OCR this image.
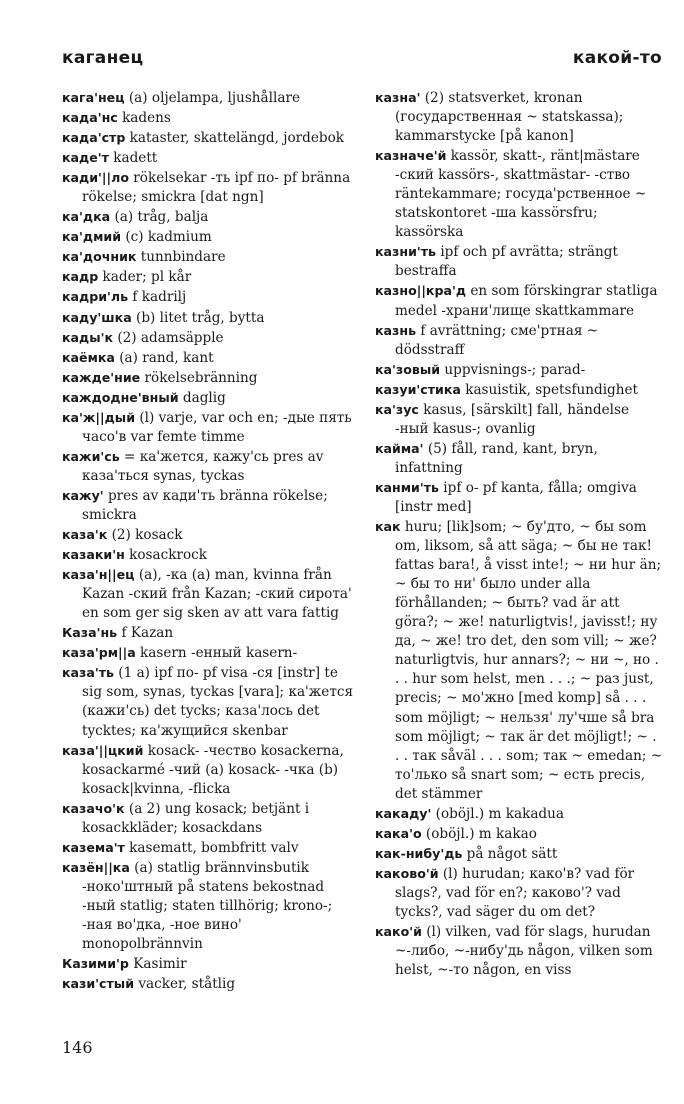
каганец	какой-то

кага'нец (а) oljelampa, ljushållare

када'нс kadens

када'стр kataster, skattelängd, jordebok

каде'т kadett

кади'||ло rökelsekar -ть ipf по- pf bränna rökelse; smickra [dat ngn]

ка'дка (а) tråg, balja

ка'дмий (с) kadmium

ка'дочник tunnbindare

кадр kader; pl kår

кадри'ль f kadrilj

каду'шка (b) litet tråg, bytta

кады'к (2) adamsäpple

каёмка (а) rand, kant

кажде'ние rökelsebränning

каждодне'вный daglig

ка'ж||дый (l) varje, var och en; -дые пять часо'в var femte timme

кажи'сь = ка'жется, кажу'сь pres av каза'ться synas, tyckas

кажу' pres av кади'ть bränna rökelse; smickra

каза'к (2) kosack

казаки'н kosackrock

каза'н||ец (а), -ка (а) man, kvinna från Kazan -ский från Kazan; -ский сирота' en som ger sig sken av att vara fattig

Каза'нь f Kazan

каза'рм||а kasern -енный kasern-

каза'ть (1 а) ipf по- pf visa -ся [instr] te sig som, synas, tyckas [vara]; ка'жется (кажи'сь) det tycks; каза'лось det tycktes; ка'жущийся skenbar

каза'||цкий kosack- -чество kosackerna, kosackarmé -чий (а) kosack- -чка (b) kosack|kvinna, -flicka

казачо'к (а 2) ung kosack; betjänt i kosackkläder; kosackdans

казема'т kasematt, bombfritt valv

казён||ка (а) statlig brännvinsbutik -ноко'штный på statens bekostnad -ный statlig; staten tillhörig; krono-; -ная во'дка, -ное вино' monopolbrännvin

Казими'р Kasimir

кази'стый vacker, ståtlig

казна' (2) statsverket, kronan (государственная ~ statskassa); kammarstycke [på kanon]

казначе'й kassör, skatt-, ränt|mästare -ский kassörs-, skattmästar- -ство räntekammare; госуда'рственное ~ statskontoret -ша kassörsfru; kassörska

казни'ть ipf och pf avrätta; strängt bestraffa

казно||кра'д en som förskingrar statliga medel -храни'лище skattkammare

казнь f avrättning; сме'ртная ~ dödsstraff

ка'зовый uppvisnings-; parad-

казуи'стика kasuistik, spetsfundighet

ка'зус kasus, [särskilt] fall, händelse -ный kasus-; ovanlig

кайма' (5) fåll, rand, kant, bryn, infattning

канми'ть ipf о- pf kanta, fålla; omgiva [instr med]

как huru; [lik]som; ~ бу'дто, ~ бы som om, liksom, så att säga; ~ бы не так! fattas bara!, å visst inte!; ~ ни hur än; ~ бы то ни' было under alla förhållanden; ~ быть? vad är att göra?; ~ же! naturligtvis!, javisst!; ну да, ~ же! tro det, den som vill; ~ же? naturligtvis, hur annars?; ~ ни ~, но . . . hur som helst, men . . .; ~ раз just, precis; ~ мо'жно [med komp] så . . . som möjligt; ~ нельзя' лу'чше så bra som möjligt; ~ так är det möjligt!; ~ . . . так såväl . . . som; так ~ emedan; ~ то'лько så snart som; ~ есть precis, det stämmer

какаду' (oböjl.) m kakadua

кака'о (oböjl.) m kakao

как-нибу'дь på något sätt

каково'й (l) hurudan; како'в? vad för slags?, vad för en?; каково'? vad tycks?, vad säger du om det?

како'й (l) vilken, vad för slags, hurudan ~-либо, ~-нибу'дь någon, vilken som helst, ~-то någon, en viss

146
